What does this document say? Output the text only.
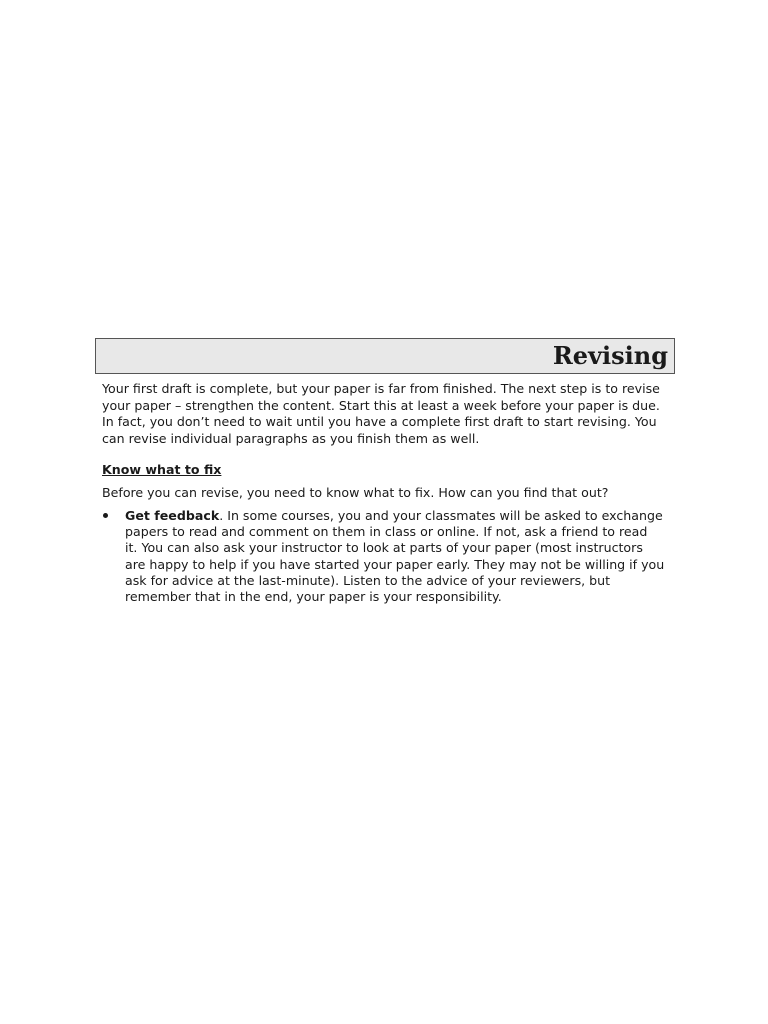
Revising

Your first draft is complete, but your paper is far from finished. The next step is to revise
your paper – strengthen the content. Start this at least a week before your paper is due.
In fact, you don’t need to wait until you have a complete first draft to start revising. You
can revise individual paragraphs as you finish them as well.

Know what to fix

Before you can revise, you need to know what to fix. How can you find that out?

Get feedback. In some courses, you and your classmates will be asked to exchange
papers to read and comment on them in class or online. If not, ask a friend to read
it. You can also ask your instructor to look at parts of your paper (most instructors
are happy to help if you have started your paper early. They may not be willing if you
ask for advice at the last-minute). Listen to the advice of your reviewers, but
remember that in the end, your paper is your responsibility.
